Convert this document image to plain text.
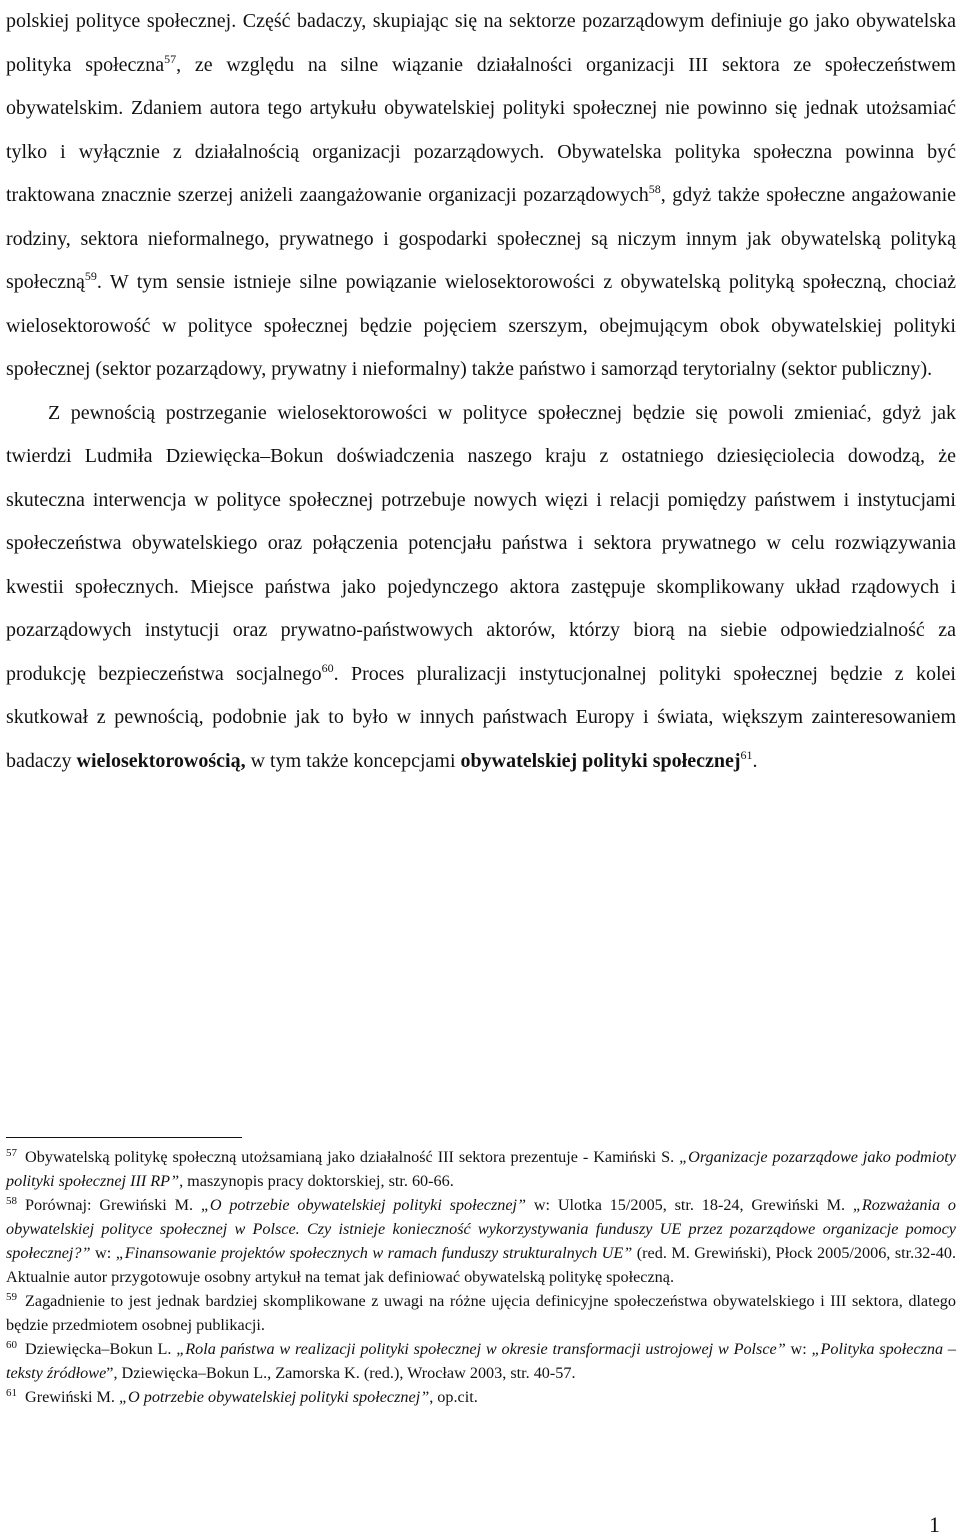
polskiej polityce społecznej. Część badaczy, skupiając się na sektorze pozarządowym definiuje go jako obywatelska polityka społeczna$^{57}$, ze względu na silne wiązanie działalności organizacji III sektora ze społeczeństwem obywatelskim. Zdaniem autora tego artykułu obywatelskiej polityki społecznej nie powinno się jednak utożsamiać tylko i wyłącznie z działalnością organizacji pozarządowych. Obywatelska polityka społeczna powinna być traktowana znacznie szerzej aniżeli zaangażowanie organizacji pozarządowych$^{58}$, gdyż także społeczne angażowanie rodziny, sektora nieformalnego, prywatnego i gospodarki społecznej są niczym innym jak obywatelską polityką społeczną$^{59}$. W tym sensie istnieje silne powiązanie wielosektorowości z obywatelską polityką społeczną, chociaż wielosektorowość w polityce społecznej będzie pojęciem szerszym, obejmującym obok obywatelskiej polityki społecznej (sektor pozarządowy, prywatny i nieformalny) także państwo i samorząd terytorialny (sektor publiczny).

Z pewnością postrzeganie wielosektorowości w polityce społecznej będzie się powoli zmieniać, gdyż jak twierdzi Ludmiła Dziewięcka–Bokun doświadczenia naszego kraju z ostatniego dziesięciolecia dowodzą, że skuteczna interwencja w polityce społecznej potrzebuje nowych więzi i relacji pomiędzy państwem i instytucjami społeczeństwa obywatelskiego oraz połączenia potencjału państwa i sektora prywatnego w celu rozwiązywania kwestii społecznych. Miejsce państwa jako pojedynczego aktora zastępuje skomplikowany układ rządowych i pozarządowych instytucji oraz prywatno-państwowych aktorów, którzy biorą na siebie odpowiedzialność za produkcję bezpieczeństwa socjalnego$^{60}$. Proces pluralizacji instytucjonalnej polityki społecznej będzie z kolei skutkował z pewnością, podobnie jak to było w innych państwach Europy i świata, większym zainteresowaniem badaczy wielosektorowością, w tym także koncepcjami obywatelskiej polityki społecznej$^{61}$.

$^{57}$ Obywatelską politykę społeczną utożsamianą jako działalność III sektora prezentuje - Kamiński S. „Organizacje pozarządowe jako podmioty polityki społecznej III RP”, maszynopis pracy doktorskiej, str. 60-66.

$^{58}$ Porównaj: Grewiński M. „O potrzebie obywatelskiej polityki społecznej” w: Ulotka 15/2005, str. 18-24, Grewiński M. „Rozważania o obywatelskiej polityce społecznej w Polsce. Czy istnieje konieczność wykorzystywania funduszy UE przez pozarządowe organizacje pomocy społecznej?” w: „Finansowanie projektów społecznych w ramach funduszy strukturalnych UE” (red. M. Grewiński), Płock 2005/2006, str.32-40. Aktualnie autor przygotowuje osobny artykuł na temat jak definiować obywatelską politykę społeczną.

$^{59}$ Zagadnienie to jest jednak bardziej skomplikowane z uwagi na różne ujęcia definicyjne społeczeństwa obywatelskiego i III sektora, dlatego będzie przedmiotem osobnej publikacji.

$^{60}$ Dziewięcka–Bokun L. „Rola państwa w realizacji polityki społecznej w okresie transformacji ustrojowej w Polsce” w: „Polityka społeczna – teksty źródłowe”, Dziewięcka–Bokun L., Zamorska K. (red.), Wrocław 2003, str. 40-57.

$^{61}$ Grewiński M. „O potrzebie obywatelskiej polityki społecznej”, op.cit.

1
